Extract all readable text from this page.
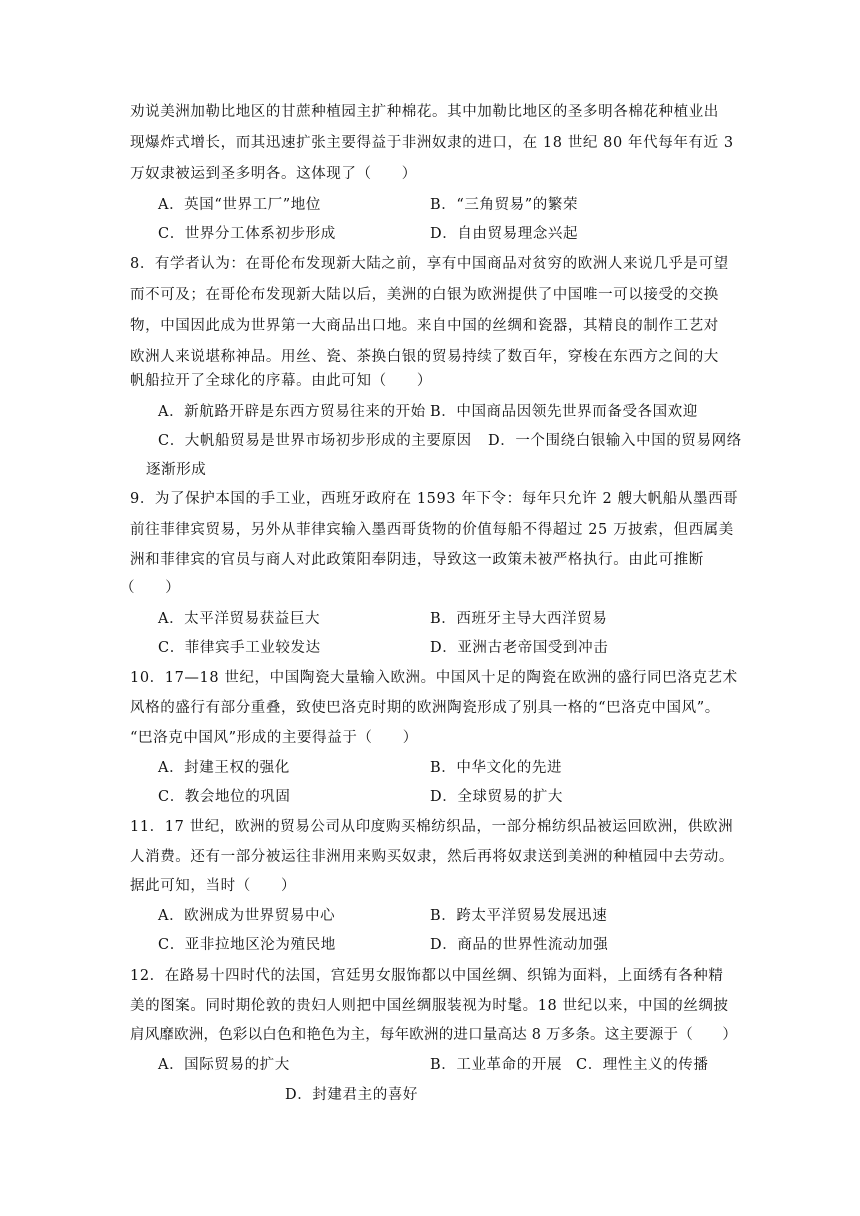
劝说美洲加勒比地区的甘蔗种植园主扩种棉花。其中加勒比地区的圣多明各棉花种植业出
现爆炸式增长，而其迅速扩张主要得益于非洲奴隶的进口，在 18 世纪 80 年代每年有近 3
万奴隶被运到圣多明各。这体现了（　　）
A．英国“世界工厂”地位	B．“三角贸易”的繁荣
C．世界分工体系初步形成	D．自由贸易理念兴起
8．有学者认为：在哥伦布发现新大陆之前，享有中国商品对贫穷的欧洲人来说几乎是可望
而不可及；在哥伦布发现新大陆以后，美洲的白银为欧洲提供了中国唯一可以接受的交换
物，中国因此成为世界第一大商品出口地。来自中国的丝绸和瓷器，其精良的制作工艺对
欧洲人来说堪称神品。用丝、瓷、茶换白银的贸易持续了数百年，穿梭在东西方之间的大
帆船拉开了全球化的序幕。由此可知（　　）
A．新航路开辟是东西方贸易往来的开始 B．中国商品因领先世界而备受各国欢迎
C．大帆船贸易是世界市场初步形成的主要原因 D．一个围绕白银输入中国的贸易网络
逐渐形成
9．为了保护本国的手工业，西班牙政府在 1593 年下令：每年只允许 2 艘大帆船从墨西哥
前往菲律宾贸易，另外从菲律宾输入墨西哥货物的价值每船不得超过 25 万披索，但西属美
洲和菲律宾的官员与商人对此政策阳奉阴违，导致这一政策未被严格执行。由此可推断
（　　）
A．太平洋贸易获益巨大	B．西班牙主导大西洋贸易
C．菲律宾手工业较发达	D．亚洲古老帝国受到冲击
10．17—18 世纪，中国陶瓷大量输入欧洲。中国风十足的陶瓷在欧洲的盛行同巴洛克艺术
风格的盛行有部分重叠，致使巴洛克时期的欧洲陶瓷形成了别具一格的“巴洛克中国风”。
“巴洛克中国风”形成的主要得益于（　　）
A．封建王权的强化	B．中华文化的先进
C．教会地位的巩固	D．全球贸易的扩大
11．17 世纪，欧洲的贸易公司从印度购买棉纺织品，一部分棉纺织品被运回欧洲，供欧洲
人消费。还有一部分被运往非洲用来购买奴隶，然后再将奴隶送到美洲的种植园中去劳动。
据此可知，当时（　　）
A．欧洲成为世界贸易中心	B．跨太平洋贸易发展迅速
C．亚非拉地区沦为殖民地	D．商品的世界性流动加强
12．在路易十四时代的法国，宫廷男女服饰都以中国丝绸、织锦为面料，上面绣有各种精
美的图案。同时期伦敦的贵妇人则把中国丝绸服装视为时髦。18 世纪以来，中国的丝绸披
肩风靡欧洲，色彩以白色和艳色为主，每年欧洲的进口量高达 8 万多条。这主要源于（　　）
A．国际贸易的扩大	B．工业革命的开展 C．理性主义的传播
D．封建君主的喜好
